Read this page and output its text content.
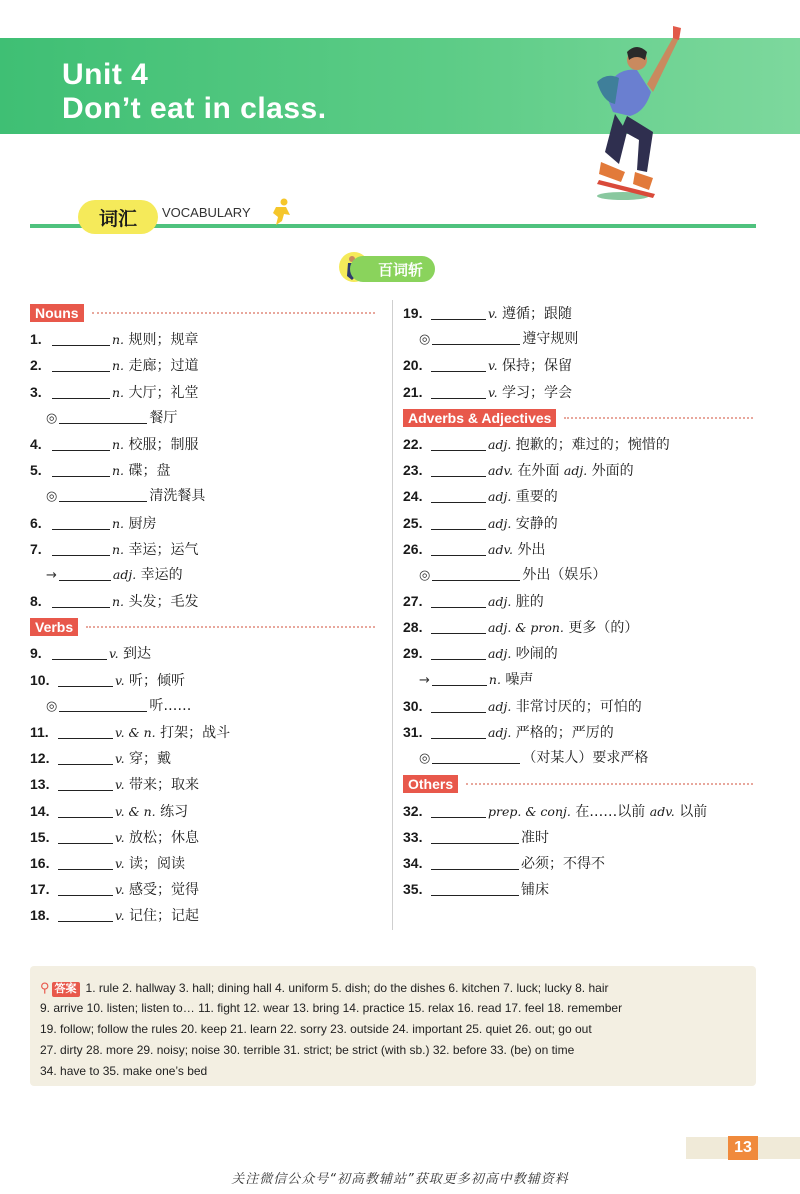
Unit 4
Don’t eat in class.
词汇	VOCABULARY
百词斩
Nouns
1.	n. 规则；规章
2.	n. 走廊；过道
3.	n. 大厅；礼堂
◎	餐厅
4.	n. 校服；制服
5.	n. 碟；盘
◎	清洗餐具
6.	n. 厨房
7.	n. 幸运；运气
→	adj. 幸运的
8.	n. 头发；毛发
Verbs
9.	v. 到达
10.	v. 听；倾听
◎	听……
11.	v. & n. 打架；战斗
12.	v. 穿；戴
13.	v. 带来；取来
14.	v. & n. 练习
15.	v. 放松；休息
16.	v. 读；阅读
17.	v. 感受；觉得
18.	v. 记住；记起
19.	v. 遵循；跟随
◎	遵守规则
20.	v. 保持；保留
21.	v. 学习；学会
Adverbs & Adjectives
22.	adj. 抱歉的；难过的；惋惜的
23.	adv. 在外面 adj. 外面的
24.	adj. 重要的
25.	adj. 安静的
26.	adv. 外出
◎	外出（娱乐）
27.	adj. 脏的
28.	adj. & pron. 更多（的）
29.	adj. 吵闹的
→	n. 噪声
30.	adj. 非常讨厌的；可怕的
31.	adj. 严格的；严厉的
◎	（对某人）要求严格
Others
32.	prep. & conj. 在……以前 adv. 以前
33.	准时
34.	必须；不得不
35.	铺床
⚲ 答案 1. rule 2. hallway 3. hall; dining hall 4. uniform 5. dish; do the dishes 6. kitchen 7. luck; lucky 8. hair
9. arrive 10. listen; listen to… 11. fight 12. wear 13. bring 14. practice 15. relax 16. read 17. feel 18. remember
19. follow; follow the rules 20. keep 21. learn 22. sorry 23. outside 24. important 25. quiet 26. out; go out
27. dirty 28. more 29. noisy; noise 30. terrible 31. strict; be strict (with sb.) 32. before 33. (be) on time
34. have to 35. make one’s bed
13
关注微信公众号“初高教辅站”获取更多初高中教辅资料
